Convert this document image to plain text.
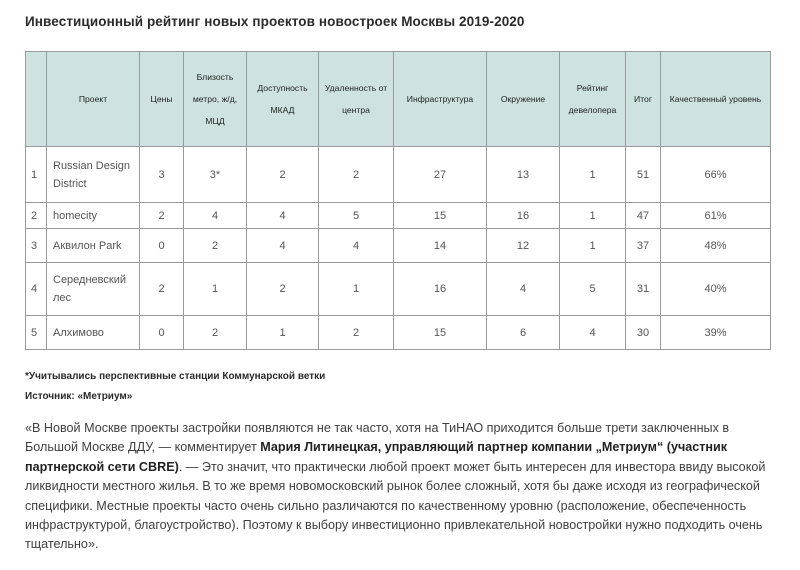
Инвестиционный рейтинг новых проектов новостроек Москвы 2019-2020
	Проект	Цены	Близость метро, ж/д, МЦД	Доступность МКАД	Удаленность от центра	Инфраструктура	Окружение	Рейтинг девелопера	Итог	Качественный уровень
1	Russian Design District	3	3*	2	2	27	13	1	51	66%
2	homecity	2	4	4	5	15	16	1	47	61%
3	Аквилон Park	0	2	4	4	14	12	1	37	48%
4	Середневский лес	2	1	2	1	16	4	5	31	40%
5	Алхимово	0	2	1	2	15	6	4	30	39%
*Учитывались перспективные станции Коммунарской ветки
Источник: «Метриум»
«В Новой Москве проекты застройки появляются не так часто, хотя на ТиНАО приходится больше трети заключенных в Большой Москве ДДУ, — комментирует Мария Литинецкая, управляющий партнер компании „Метриум“ (участник партнерской сети CBRE). — Это значит, что практически любой проект может быть интересен для инвестора ввиду высокой ликвидности местного жилья. В то же время новомосковский рынок более сложный, хотя бы даже исходя из географической специфики. Местные проекты часто очень сильно различаются по качественному уровню (расположение, обеспеченность инфраструктурой, благоустройство). Поэтому к выбору инвестиционно привлекательной новостройки нужно подходить очень тщательно».
